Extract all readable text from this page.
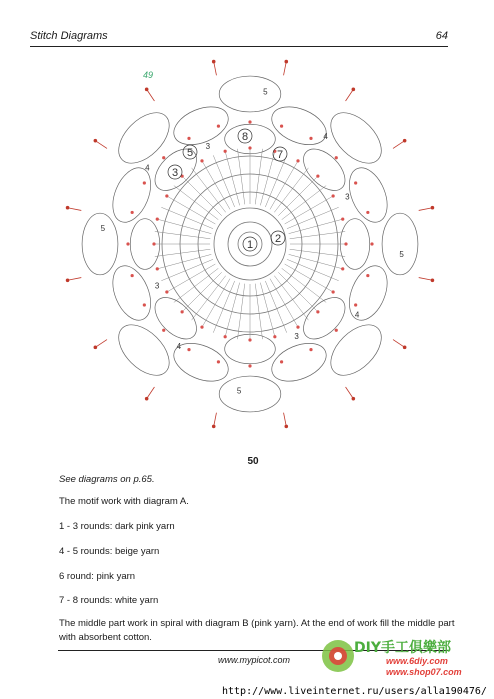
Stitch Diagrams	64
49
5
4
3
5
4
3
5
4
3
5
4
3
1 2
3
5	7
8
50
See diagrams on p.65.
The motif work with diagram A.
1 - 3 rounds: dark pink yarn
4 - 5 rounds: beige yarn
6 round: pink yarn
7 - 8 rounds: white yarn
The middle part work in spiral with diagram B (pink yarn). At the end of work fill the middle part with absorbent cotton.
www.mypicot.com
DIY手工俱樂部
www.6diy.com
www.shop07.com
http://www.liveinternet.ru/users/alla190476/
